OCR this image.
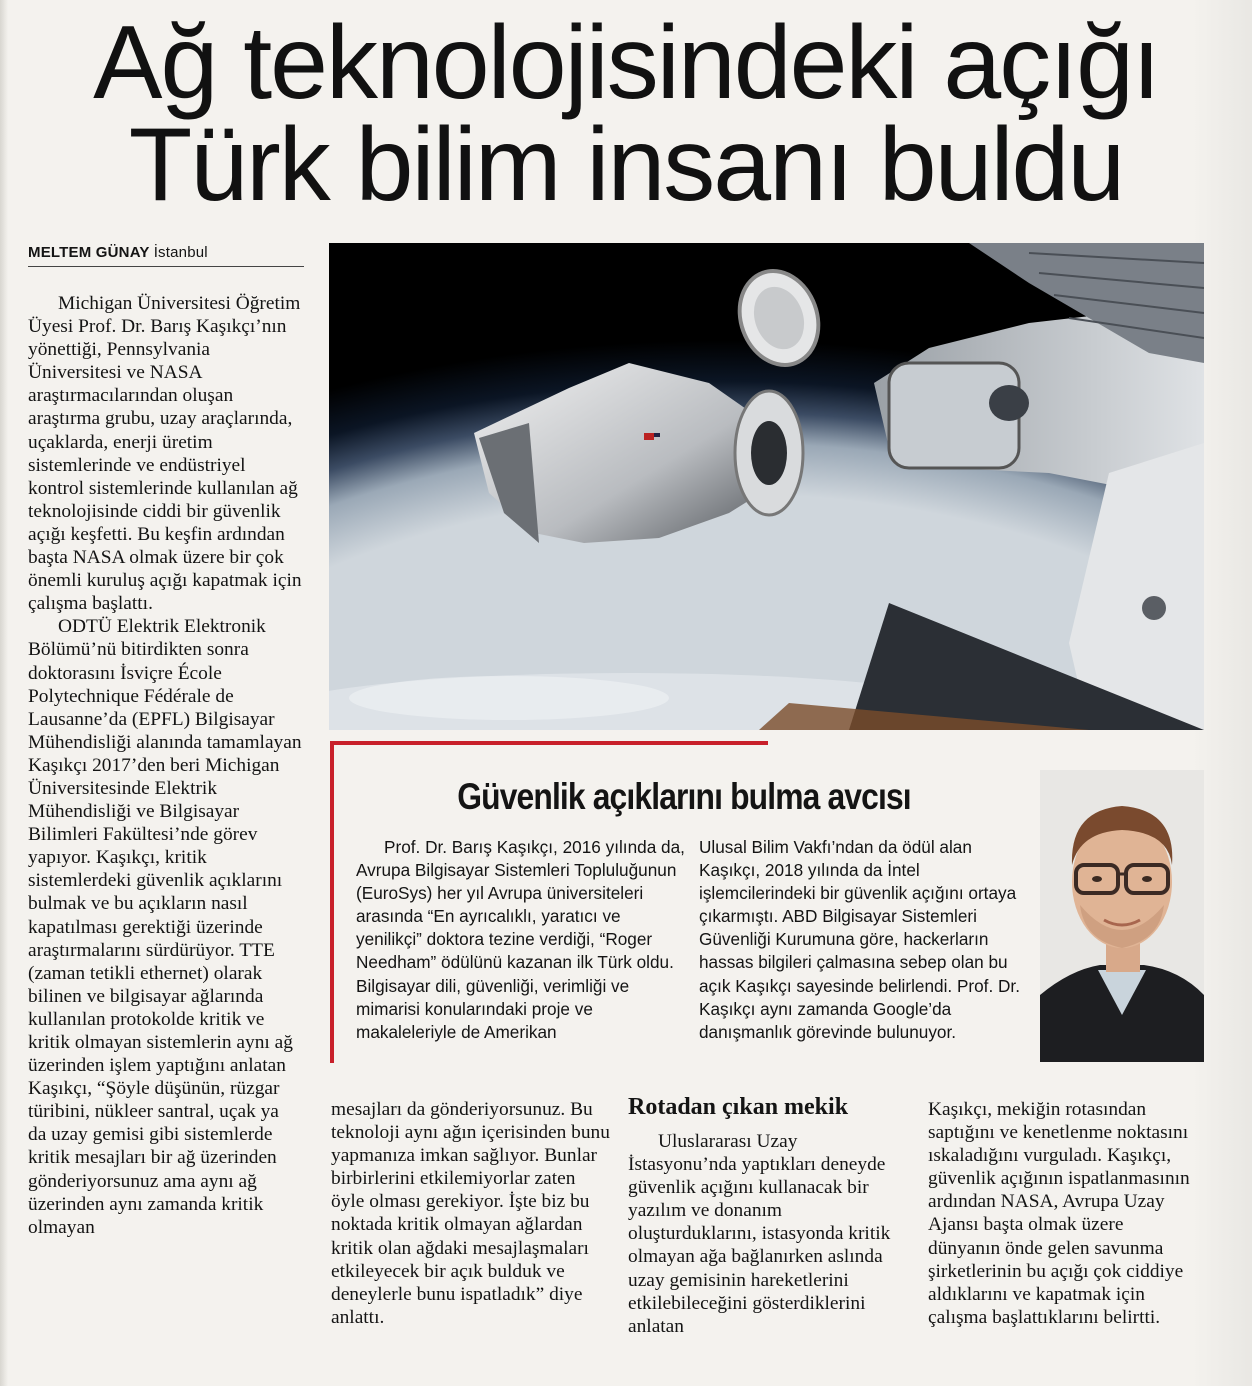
Ağ teknolojisindeki açığı
Türk bilim insanı buldu
MELTEM GÜNAY İstanbul

Michigan Üniversitesi Öğretim Üyesi Prof. Dr. Barış Kaşıkçı’nın yönettiği, Pennsylvania Üniversitesi ve NASA araştırmacılarından oluşan araştırma grubu, uzay araçlarında, uçaklarda, enerji üretim sistemlerinde ve endüstriyel kontrol sistemlerinde kullanılan ağ teknolojisinde ciddi bir güvenlik açığı keşfetti. Bu keşfin ardından başta NASA olmak üzere bir çok önemli kuruluş açığı kapatmak için çalışma başlattı.

ODTÜ Elektrik Elektronik Bölümü’nü bitirdikten sonra doktorasını İsviçre École Polytechnique Fédérale de Lausanne’da (EPFL) Bilgisayar Mühendisliği alanında tamamlayan Kaşıkçı 2017’den beri Michigan Üniversitesinde Elektrik Mühendisliği ve Bilgisayar Bilimleri Fakültesi’nde görev yapıyor. Kaşıkçı, kritik sistemlerdeki güvenlik açıklarını bulmak ve bu açıkların nasıl kapatılması gerektiği üzerinde araştırmalarını sürdürüyor. TTE (zaman tetikli ethernet) olarak bilinen ve bilgisayar ağlarında kullanılan protokolde kritik ve kritik olmayan sistemlerin aynı ağ üzerinden işlem yaptığını anlatan Kaşıkçı, “Şöyle düşünün, rüzgar türibini, nükleer santral, uçak ya da uzay gemisi gibi sistemlerde kritik mesajları bir ağ üzerinden gönderiyorsunuz ama aynı ağ üzerinden aynı zamanda kritik olmayan

Güvenlik açıklarını bulma avcısı

Prof. Dr. Barış Kaşıkçı, 2016 yılında da, Avrupa Bilgisayar Sistemleri Topluluğunun (EuroSys) her yıl Avrupa üniversiteleri arasında “En ayrıcalıklı, yaratıcı ve yenilikçi” doktora tezine verdiği, “Roger Needham” ödülünü kazanan ilk Türk oldu. Bilgisayar dili, güvenliği, verimliği ve mimarisi konularındaki proje ve makaleleriyle de Amerikan

Ulusal Bilim Vakfı’ndan da ödül alan Kaşıkçı, 2018 yılında da İntel işlemcilerindeki bir güvenlik açığını ortaya çıkarmıştı. ABD Bilgisayar Sistemleri Güvenliği Kurumuna göre, hackerların hassas bilgileri çalmasına sebep olan bu açık Kaşıkçı sayesinde belirlendi. Prof. Dr. Kaşıkçı aynı zamanda Google’da danışmanlık görevinde bulunuyor.

mesajları da gönderiyorsunuz. Bu teknoloji aynı ağın içerisinden bunu yapmanıza imkan sağlıyor. Bunlar birbirlerini etkilemiyorlar zaten öyle olması gerekiyor. İşte biz bu noktada kritik olmayan ağlardan kritik olan ağdaki mesajlaşmaları etkileyecek bir açık bulduk ve deneylerle bunu ispatladık” diye anlattı.

Rotadan çıkan mekik

Uluslararası Uzay İstasyonu’nda yaptıkları deneyde güvenlik açığını kullanacak bir yazılım ve donanım oluşturduklarını, istasyonda kritik olmayan ağa bağlanırken aslında uzay gemisinin hareketlerini etkilebileceğini gösterdiklerini anlatan

Kaşıkçı, mekiğin rotasından saptığını ve kenetlenme noktasını ıskaladığını vurguladı. Kaşıkçı, güvenlik açığının ispatlanmasının ardından NASA, Avrupa Uzay Ajansı başta olmak üzere dünyanın önde gelen savunma şirketlerinin bu açığı çok ciddiye aldıklarını ve kapatmak için çalışma başlattıklarını belirtti.
